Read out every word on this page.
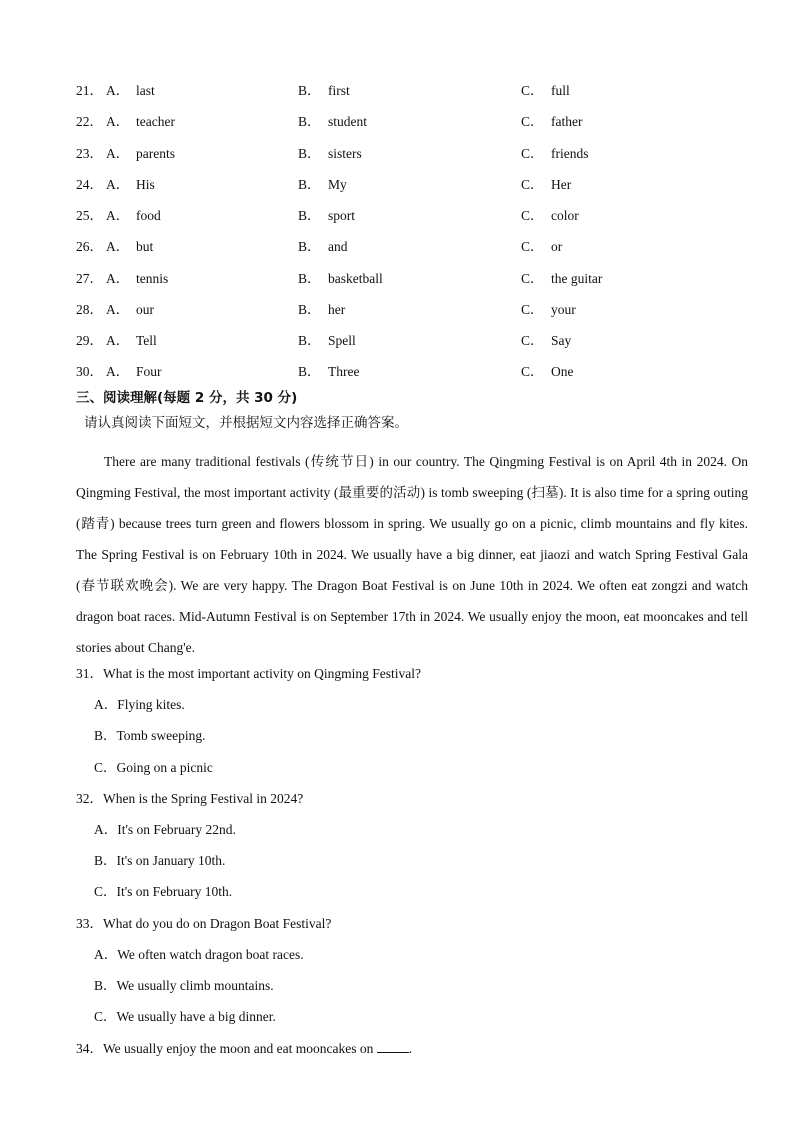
21． A． last	B． first	C． full
22． A． teacher	B． student	C． father
23． A． parents	B． sisters	C． friends
24． A． His	B． My	C． Her
25． A． food	B． sport	C． color
26． A． but	B． and	C． or
27． A． tennis	B． basketball	C． the guitar
28． A． our	B． her	C． your
29． A． Tell	B． Spell	C． Say
30． A． Four	B． Three	C． One
三、阅读理解(每题 2 分，共 30 分)
请认真阅读下面短文，并根据短文内容选择正确答案。

There are many traditional festivals (传统节日) in our country. The Qingming Festival is on April 4th in 2024. On Qingming Festival, the most important activity (最重要的活动) is tomb sweeping (扫墓). It is also time for a spring outing (踏青) because trees turn green and flowers blossom in spring. We usually go on a picnic, climb mountains and fly kites. The Spring Festival is on February 10th in 2024. We usually have a big dinner, eat jiaozi and watch Spring Festival Gala (春节联欢晚会). We are very happy. The Dragon Boat Festival is on June 10th in 2024. We often eat zongzi and watch dragon boat races. Mid-Autumn Festival is on September 17th in 2024. We usually enjoy the moon, eat mooncakes and tell stories about Chang'e.

31．What is the most important activity on Qingming Festival?
A．Flying kites.
B．Tomb sweeping.
C．Going on a picnic
32．When is the Spring Festival in 2024?
A．It's on February 22nd.
B．It's on January 10th.
C．It's on February 10th.
33．What do you do on Dragon Boat Festival?
A．We often watch dragon boat races.
B．We usually climb mountains.
C．We usually have a big dinner.
34．We usually enjoy the moon and eat mooncakes on	.
